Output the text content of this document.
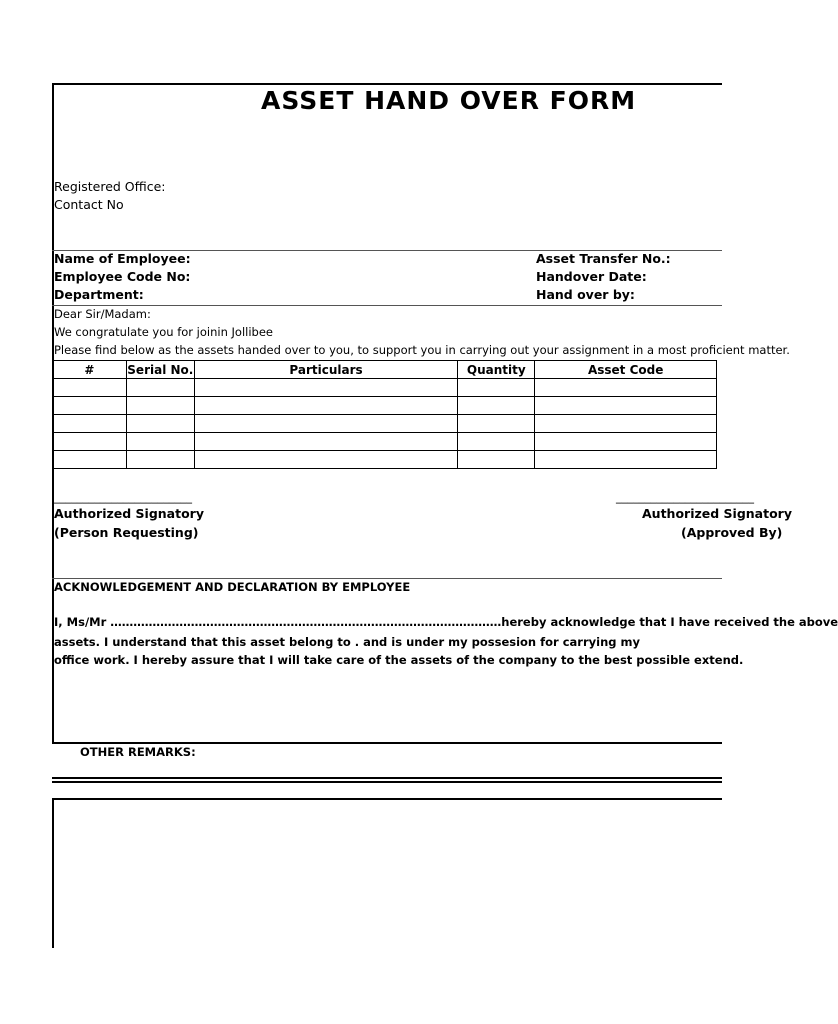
ASSET HAND OVER FORM
Registered Office:
Contact No
Name of Employee:
Employee Code No:
Department:
Asset Transfer No.:
Handover Date:
Hand over by:
Dear Sir/Madam:
We congratulate you for joinin Jollibee
Please find below as the assets handed over to you, to support you in carrying out your assignment in a most proficient matter.
#	Serial No.	Particulars	Quantity	Asset Code

________________________
Authorized Signatory
(Person Requesting)
________________________
Authorized Signatory
(Approved By)
ACKNOWLEDGEMENT AND DECLARATION BY EMPLOYEE
I, Ms/Mr …………………………………………………………………………………………hereby acknowledge that I have received the above
assets. I understand that this asset belong to . and is under my possesion for carrying my
office work. I hereby assure that I will take care of the assets of the company to the best possible extend.
OTHER REMARKS:
